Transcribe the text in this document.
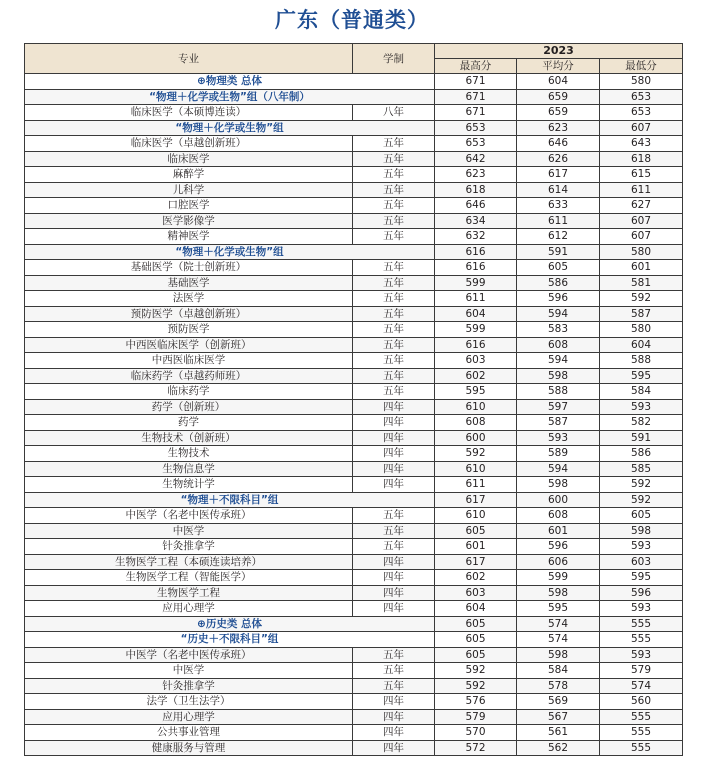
广东（普通类）
专业	学制	2023		
		最高分	平均分	最低分
⊕物理类 总体		671	604	580
“物理＋化学或生物”组（八年制）		671	659	653
临床医学（本硕博连读）	八年	671	659	653
“物理＋化学或生物”组		653	623	607
临床医学（卓越创新班）	五年	653	646	643
临床医学	五年	642	626	618
麻醉学	五年	623	617	615
儿科学	五年	618	614	611
口腔医学	五年	646	633	627
医学影像学	五年	634	611	607
精神医学	五年	632	612	607
“物理＋化学或生物”组		616	591	580
基础医学（院士创新班）	五年	616	605	601
基础医学	五年	599	586	581
法医学	五年	611	596	592
预防医学（卓越创新班）	五年	604	594	587
预防医学	五年	599	583	580
中西医临床医学（创新班）	五年	616	608	604
中西医临床医学	五年	603	594	588
临床药学（卓越药师班）	五年	602	598	595
临床药学	五年	595	588	584
药学（创新班）	四年	610	597	593
药学	四年	608	587	582
生物技术（创新班）	四年	600	593	591
生物技术	四年	592	589	586
生物信息学	四年	610	594	585
生物统计学	四年	611	598	592
“物理＋不限科目”组		617	600	592
中医学（名老中医传承班）	五年	610	608	605
中医学	五年	605	601	598
针灸推拿学	五年	601	596	593
生物医学工程（本硕连读培养）	四年	617	606	603
生物医学工程（智能医学）	四年	602	599	595
生物医学工程	四年	603	598	596
应用心理学	四年	604	595	593
⊕历史类 总体		605	574	555
“历史＋不限科目”组		605	574	555
中医学（名老中医传承班）	五年	605	598	593
中医学	五年	592	584	579
针灸推拿学	五年	592	578	574
法学（卫生法学）	四年	576	569	560
应用心理学	四年	579	567	555
公共事业管理	四年	570	561	555
健康服务与管理	四年	572	562	555
